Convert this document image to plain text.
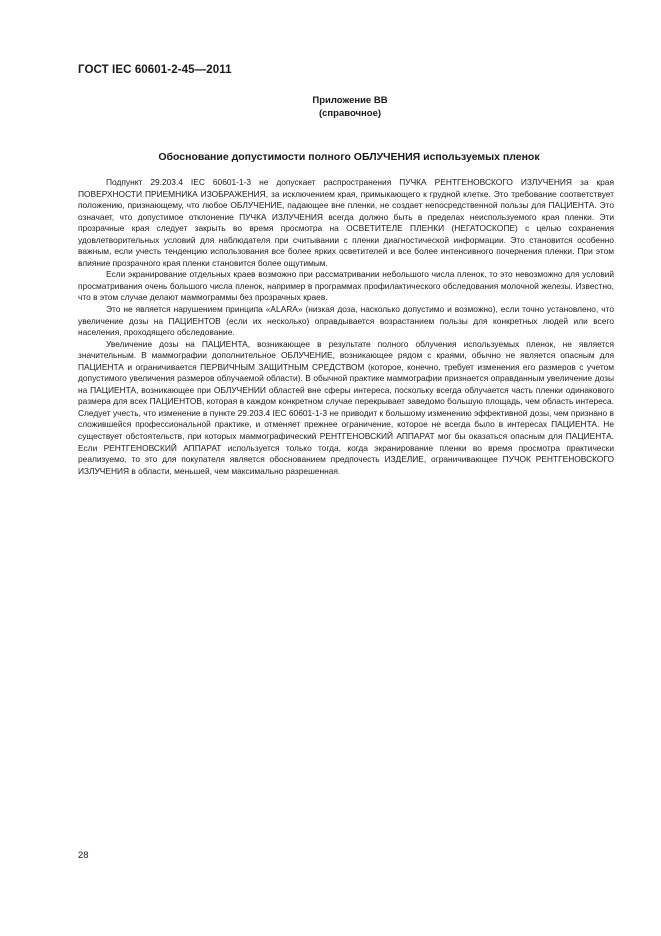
ГОСТ IEC 60601-2-45—2011
Приложение ВВ
(справочное)
Обоснование допустимости полного ОБЛУЧЕНИЯ используемых пленок

Подпункт 29.203.4 IEC 60601-1-3 не допускает распространения ПУЧКА РЕНТГЕНОВСКОГО ИЗЛУЧЕНИЯ за края ПОВЕРХНОСТИ ПРИЕМНИКА ИЗОБРАЖЕНИЯ, за исключением края, примыкающего к грудной клетке. Это требование соответствует положению, признающему, что любое ОБЛУЧЕНИЕ, падающее вне пленки, не создает непосредственной пользы для ПАЦИЕНТА. Это означает, что допустимое отклонение ПУЧКА ИЗЛУЧЕНИЯ всегда должно быть в пределах неиспользуемого края пленки. Эти прозрачные края следует закрыть во время просмотра на ОСВЕТИТЕЛЕ ПЛЕНКИ (НЕГАТОСКОПЕ) с целью сохранения удовлетворительных условий для наблюдателя при считывании с пленки диагностической информации. Это становится особенно важным, если учесть тенденцию использования все более ярких осветителей и все более интенсивного почернения пленки. При этом влияние прозрачного края пленки становится более ощутимым.

Если экранирование отдельных краев возможно при рассматривании небольшого числа пленок, то это невозможно для условий просматривания очень большого числа пленок, например в программах профилактического обследования молочной железы. Известно, что в этом случае делают маммограммы без прозрачных краев.

Это не является нарушением принципа «ALARA» (низкая доза, насколько допустимо и возможно), если точно установлено, что увеличение дозы на ПАЦИЕНТОВ (если их несколько) оправдывается возрастанием пользы для конкретных людей или всего населения, проходящего обследование.

Увеличение дозы на ПАЦИЕНТА, возникающее в результате полного облучения используемых пленок, не является значительным. В маммографии дополнительное ОБЛУЧЕНИЕ, возникающее рядом с краями, обычно не является опасным для ПАЦИЕНТА и ограничивается ПЕРВИЧНЫМ ЗАЩИТНЫМ СРЕДСТВОМ (которое, конечно, требует изменения его размеров с учетом допустимого увеличения размеров облучаемой области). В обычной практике маммографии признается оправданным увеличение дозы на ПАЦИЕНТА, возникающее при ОБЛУЧЕНИИ областей вне сферы интереса, поскольку всегда облучается часть пленки одинакового размера для всех ПАЦИЕНТОВ, которая в каждом конкретном случае перекрывает заведомо большую площадь, чем область интереса. Следует учесть, что изменение в пункте 29.203.4 IEC 60601-1-3 не приводит к большому изменению эффективной дозы, чем признано в сложившейся профессиональной практике, и отменяет прежнее ограничение, которое не всегда было в интересах ПАЦИЕНТА. Не существует обстоятельств, при которых маммографический РЕНТГЕНОВСКИЙ АППАРАТ мог бы оказаться опасным для ПАЦИЕНТА. Если РЕНТГЕНОВСКИЙ АППАРАТ используется только тогда, когда экранирование пленки во время просмотра практически реализуемо, то это для покупателя является обоснованием предпочесть ИЗДЕЛИЕ, ограничивающее ПУЧОК РЕНТГЕНОВСКОГО ИЗЛУЧЕНИЯ в области, меньшей, чем максимально разрешенная.

28
